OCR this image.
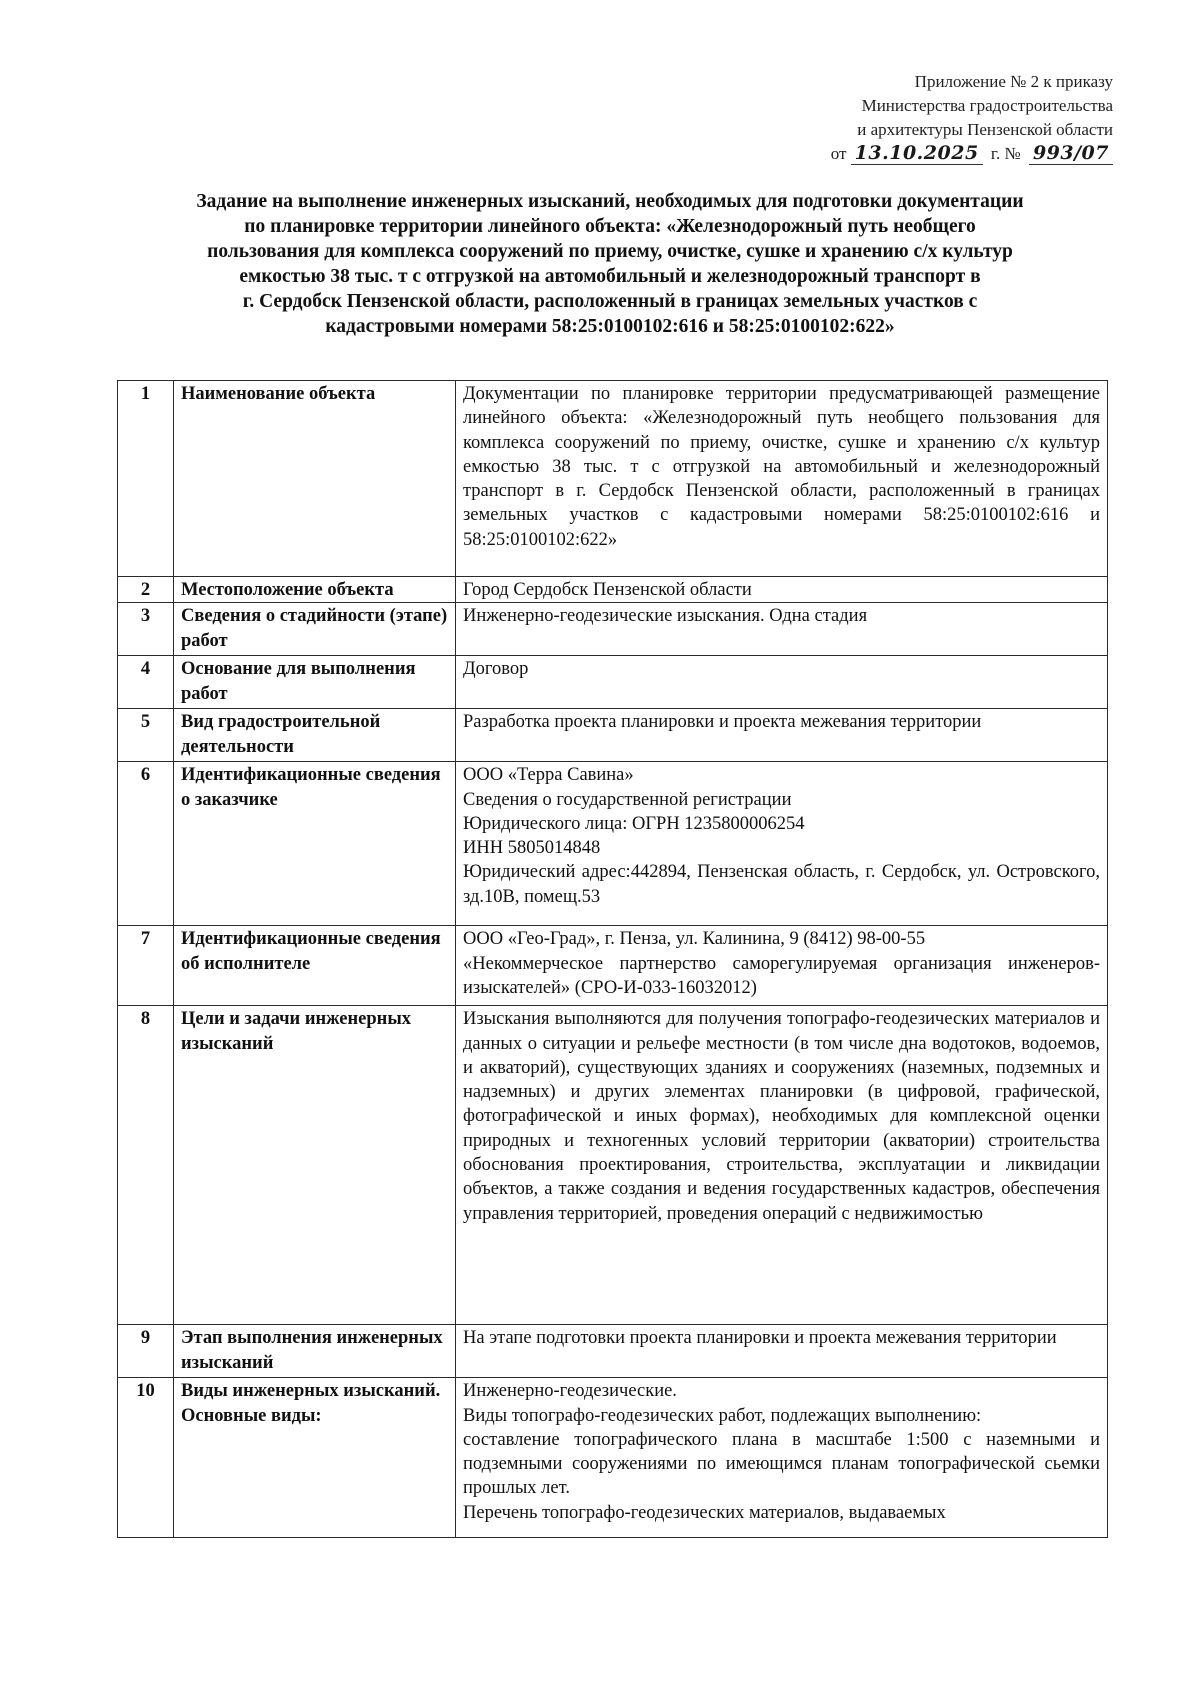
Приложение № 2 к приказу
Министерства градостроительства
и архитектуры Пензенской области
от 13.10.2025 г. № 993/07
Задание на выполнение инженерных изысканий, необходимых для подготовки документации
по планировке территории линейного объекта: «Железнодорожный путь необщего
пользования для комплекса сооружений по приему, очистке, сушке и хранению с/х культур
емкостью 38 тыс. т с отгрузкой на автомобильный и железнодорожный транспорт в
г. Сердобск Пензенской области, расположенный в границах земельных участков с
кадастровыми номерами 58:25:0100102:616 и 58:25:0100102:622»
1	Наименование объекта	Документации по планировке территории предусматривающей размещение линейного объекта: «Железнодорожный путь необщего пользования для комплекса сооружений по приему, очистке, сушке и хранению с/х культур емкостью 38 тыс. т с отгрузкой на автомобильный и железнодорожный транспорт в г. Сердобск Пензенской области, расположенный в границах земельных участков с кадастровыми номерами 58:25:0100102:616 и 58:25:0100102:622»
2	Местоположение объекта	Город Сердобск Пензенской области
3	Сведения о стадийности (этапе) работ	Инженерно-геодезические изыскания. Одна стадия
4	Основание для выполнения работ	Договор
5	Вид градостроительной деятельности	Разработка проекта планировки и проекта межевания территории
6	Идентификационные сведения о заказчике	ООО «Терра Савина»
Сведения о государственной регистрации
Юридического лица: ОГРН 1235800006254
ИНН 5805014848
Юридический адрес:442894, Пензенская область, г. Сердобск, ул. Островского, зд.10В, помещ.53

7	Идентификационные сведения об исполнителе	ООО «Гео-Град», г. Пенза, ул. Калинина, 9 (8412) 98-00-55
«Некоммерческое партнерство саморегулируемая организация инженеров-изыскателей» (СРО-И-033-16032012)

8	Цели и задачи инженерных изысканий	Изыскания выполняются для получения топографо-геодезических материалов и данных о ситуации и рельефе местности (в том числе дна водотоков, водоемов, и акваторий), существующих зданиях и сооружениях (наземных, подземных и надземных) и других элементах планировки (в цифровой, графической, фотографической и иных формах), необходимых для комплексной оценки природных и техногенных условий территории (акватории) строительства обоснования проектирования, строительства, эксплуатации и ликвидации объектов, а также создания и ведения государственных кадастров, обеспечения управления территорией, проведения операций с недвижимостью
9	Этап выполнения инженерных изысканий	На этапе подготовки проекта планировки и проекта межевания территории
10	Виды инженерных изысканий.
Основные виды:	Инженерно-геодезические.
Виды топографо-геодезических работ, подлежащих выполнению:
составление топографического плана в масштабе 1:500 с наземными и подземными сооружениями по имеющимся планам топографической сьемки прошлых лет.
Перечень топографо-геодезических материалов, выдаваемых
